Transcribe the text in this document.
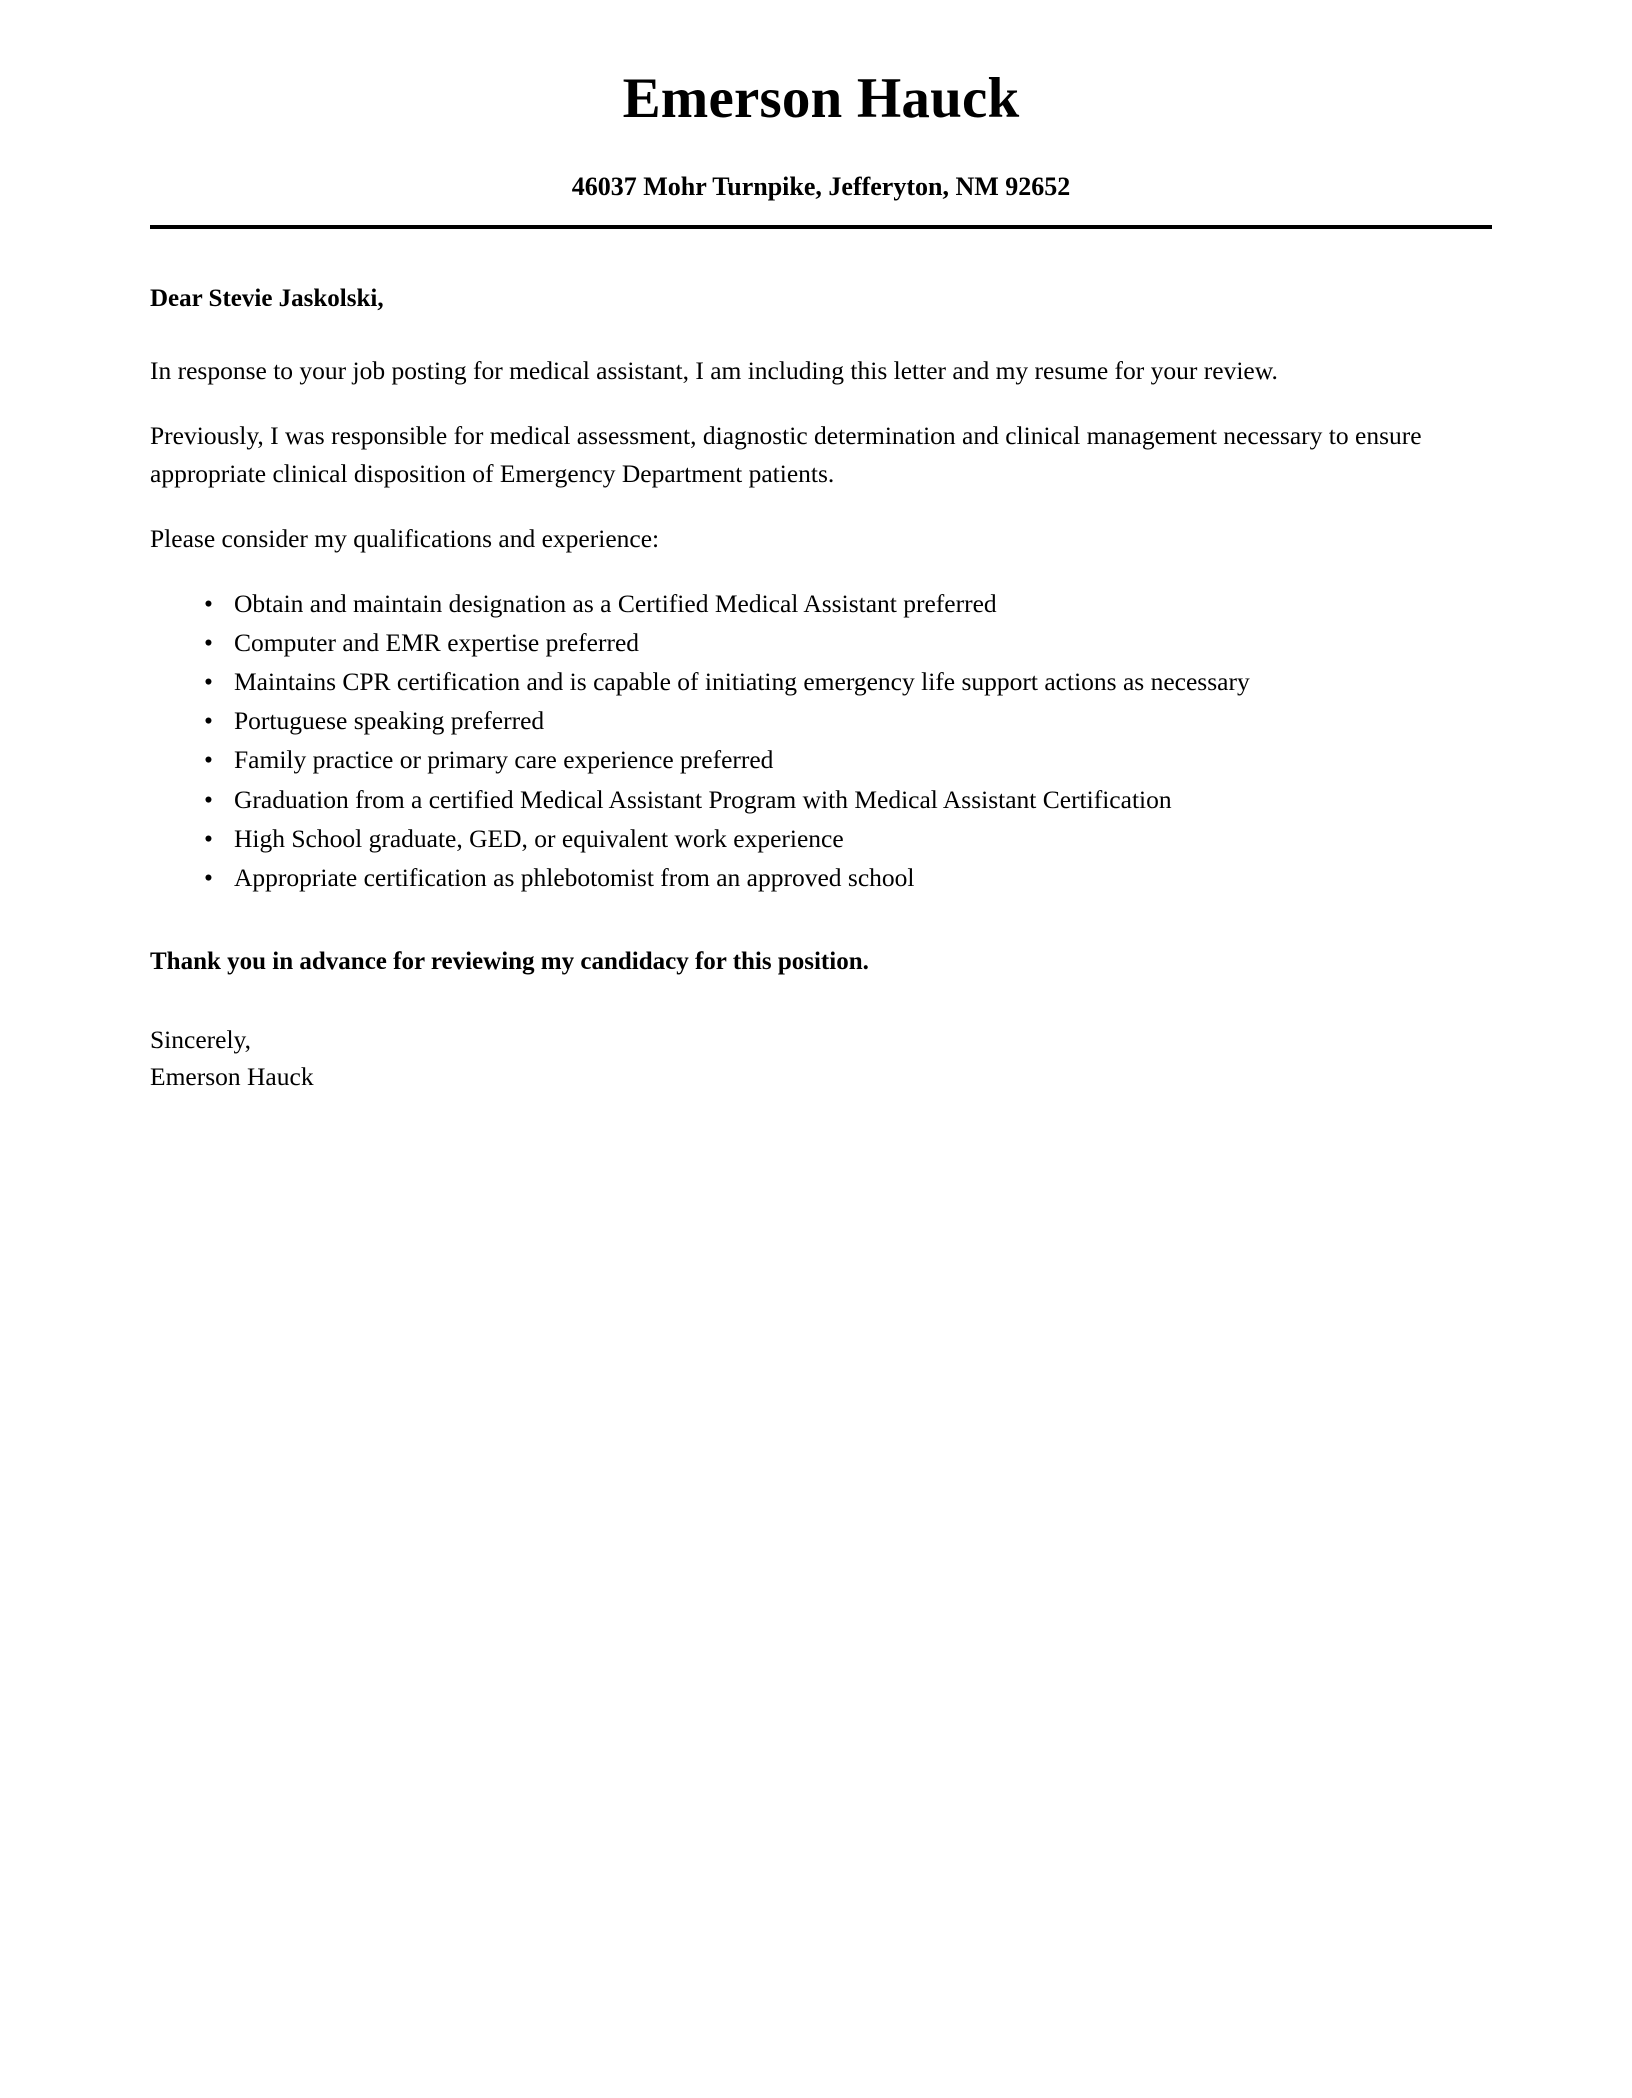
Emerson Hauck
46037 Mohr Turnpike, Jefferyton, NM 92652

Dear Stevie Jaskolski,

In response to your job posting for medical assistant, I am including this letter and my resume for your review.

Previously, I was responsible for medical assessment, diagnostic determination and clinical management necessary to ensure appropriate clinical disposition of Emergency Department patients.

Please consider my qualifications and experience:

• Obtain and maintain designation as a Certified Medical Assistant preferred
• Computer and EMR expertise preferred
• Maintains CPR certification and is capable of initiating emergency life support actions as necessary
• Portuguese speaking preferred
• Family practice or primary care experience preferred
• Graduation from a certified Medical Assistant Program with Medical Assistant Certification
• High School graduate, GED, or equivalent work experience
• Appropriate certification as phlebotomist from an approved school

Thank you in advance for reviewing my candidacy for this position.

Sincerely,
Emerson Hauck
